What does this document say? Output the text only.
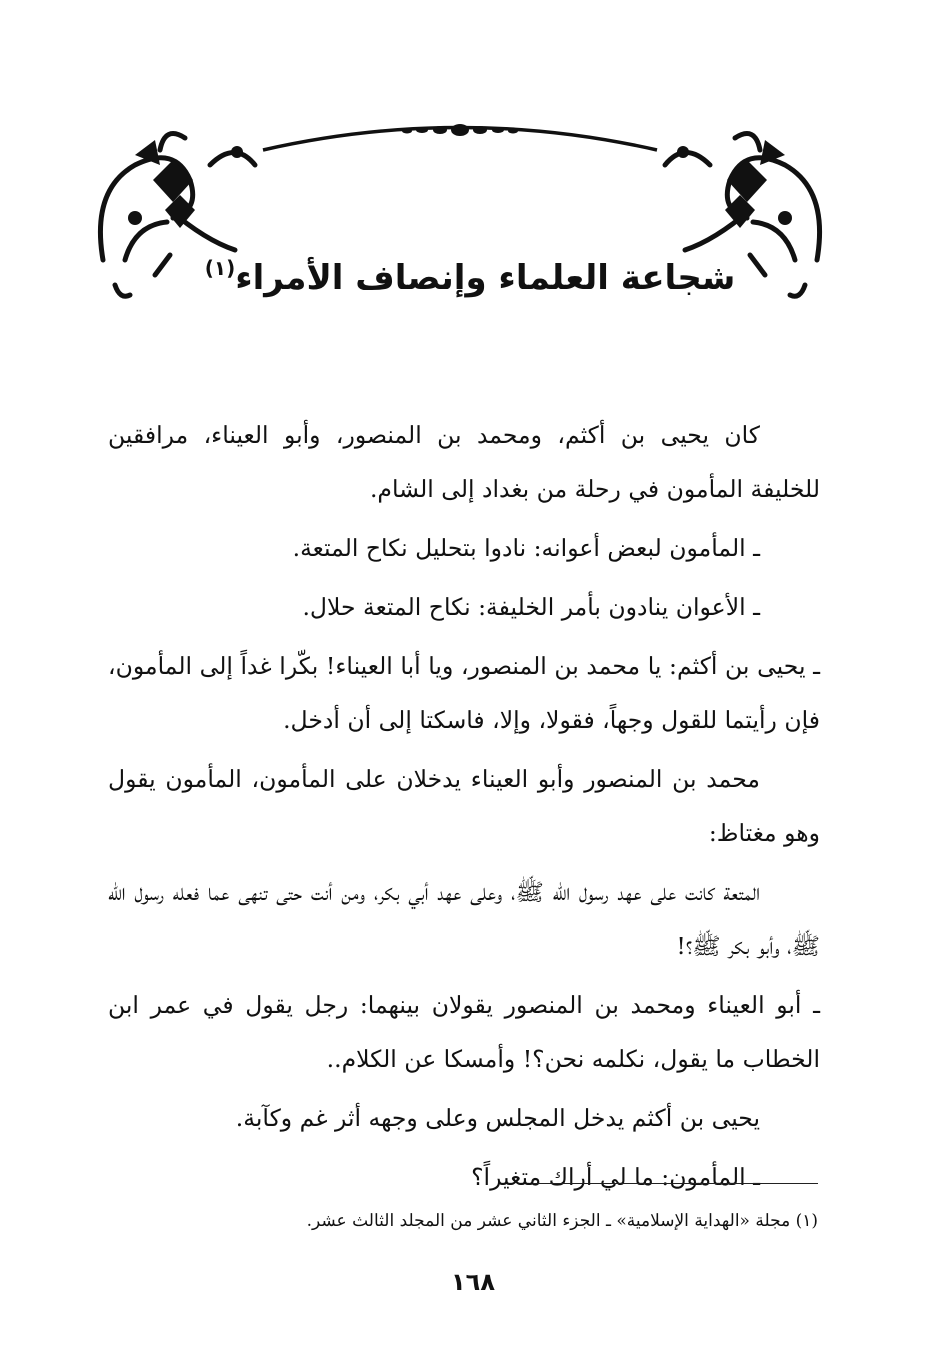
شجاعة العلماء وإنصاف الأمراء$^{(١)}$

كان يحيى بن أكثم، ومحمد بن المنصور، وأبو العيناء، مرافقين للخليفة المأمون في رحلة من بغداد إلى الشام.

ـ المأمون لبعض أعوانه: نادوا بتحليل نكاح المتعة.

ـ الأعوان ينادون بأمر الخليفة: نكاح المتعة حلال.

ـ يحيى بن أكثم: يا محمد بن المنصور، ويا أبا العيناء! بكّرا غداً إلى المأمون، فإن رأيتما للقول وجهاً، فقولا، وإلا، فاسكتا إلى أن أدخل.

محمد بن المنصور وأبو العيناء يدخلان على المأمون، المأمون يقول وهو مغتاظ:

المتعة كانت على عهد رسول الله ﷺ، وعلى عهد أبي بكر، ومن أنت حتى تنهى عما فعله رسول الله ﷺ، وأبو بكر ﷺ؟!

ـ أبو العيناء ومحمد بن المنصور يقولان بينهما: رجل يقول في عمر ابن الخطاب ما يقول، نكلمه نحن؟! وأمسكا عن الكلام..

يحيى بن أكثم يدخل المجلس وعلى وجهه أثر غم وكآبة.

ـ المأمون: ما لي أراك متغيراً؟

(١) مجلة «الهداية الإسلامية» ـ الجزء الثاني عشر من المجلد الثالث عشر.
١٦٨
